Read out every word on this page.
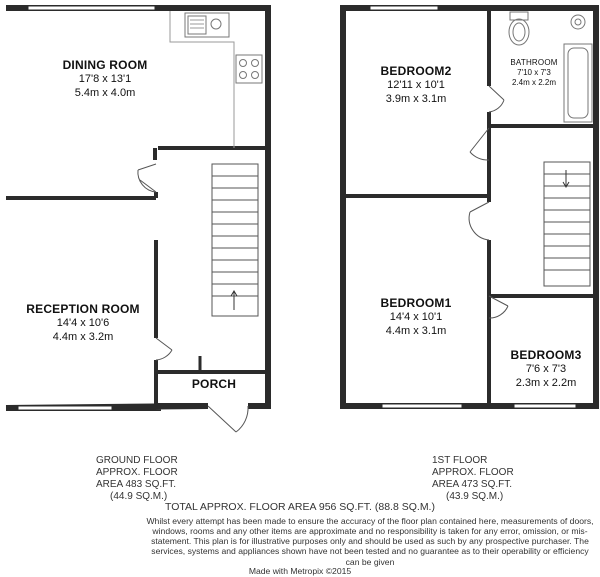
DINING ROOM
17'8 x 13'1
5.4m x 4.0m
RECEPTION ROOM
14'4 x 10'6
4.4m x 3.2m
PORCH
BEDROOM2
12'11 x 10'1
3.9m x 3.1m
BATHROOM
7'10 x 7'3
2.4m x 2.2m
BEDROOM1
14'4 x 10'1
4.4m x 3.1m
BEDROOM3
7'6 x 7'3
2.3m x 2.2m
GROUND FLOOR
APPROX. FLOOR
AREA 483 SQ.FT.
(44.9 SQ.M.)
1ST FLOOR
APPROX. FLOOR
AREA 473 SQ.FT.
(43.9 SQ.M.)
TOTAL APPROX. FLOOR AREA 956 SQ.FT. (88.8 SQ.M.)
Whilst every attempt has been made to ensure the accuracy of the floor plan contained here, measurements of doors, windows, rooms and any other items are approximate and no responsibility is taken for any error, omission, or mis-statement. This plan is for illustrative purposes only and should be used as such by any prospective purchaser. The services, systems and appliances shown have not been tested and no guarantee as to their operability or efficiency can be given
Made with Metropix ©2015
